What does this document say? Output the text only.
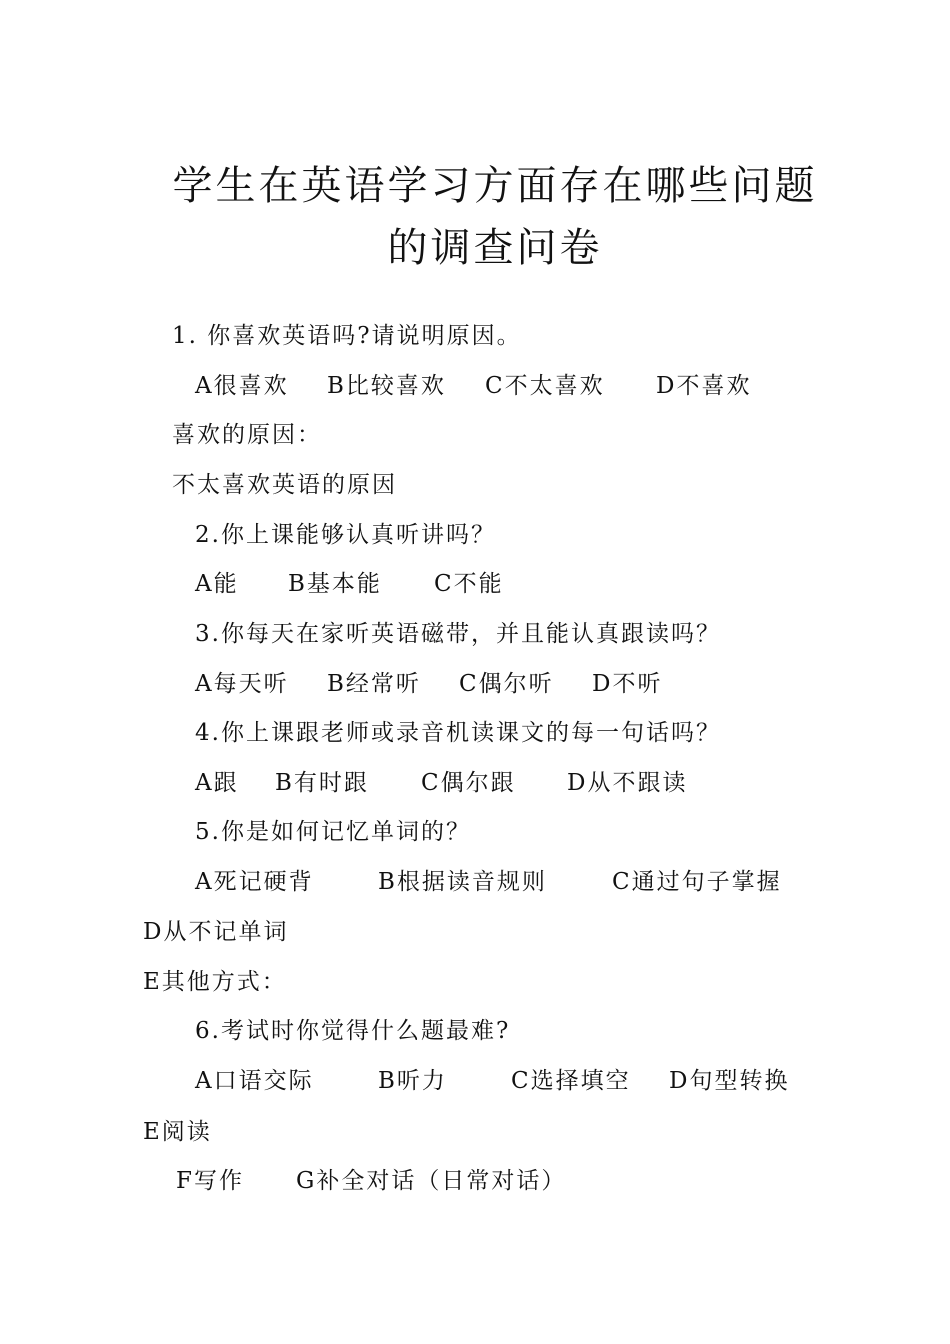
学生在英语学习方面存在哪些问题
的调查问卷
1. 你喜欢英语吗?请说明原因。
A很喜欢 B比较喜欢 C不太喜欢 D不喜欢
喜欢的原因：
不太喜欢英语的原因
2.你上课能够认真听讲吗？
A能 B基本能 C不能
3.你每天在家听英语磁带，并且能认真跟读吗？
A每天听 B经常听 C偶尔听 D不听
4.你上课跟老师或录音机读课文的每一句话吗？
A跟 B有时跟 C偶尔跟 D从不跟读
5.你是如何记忆单词的？
A死记硬背	B根据读音规则	C通过句子掌握
D从不记单词
E其他方式：
6.考试时你觉得什么题最难?
A口语交际	B听力	C选择填空 D句型转换
E阅读
F写作 G补全对话（日常对话）
